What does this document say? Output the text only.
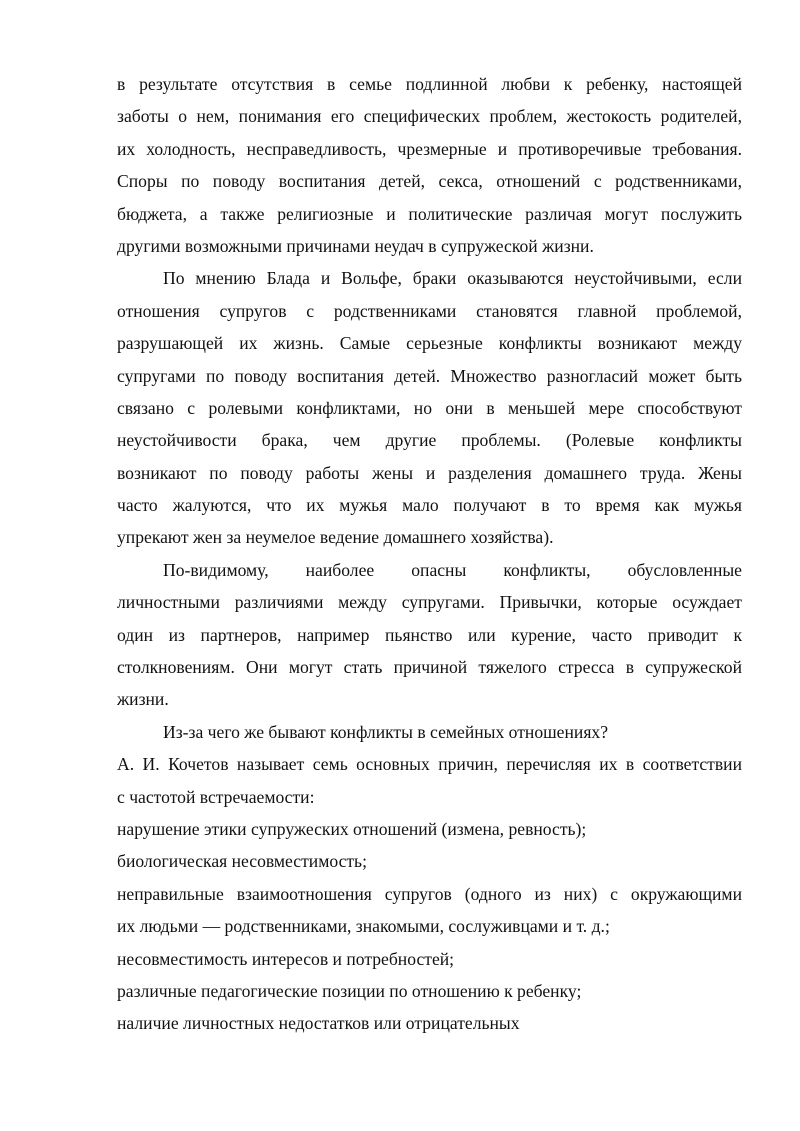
в результате отсутствия в семье подлинной любви к ребенку, настоящей
заботы о нем, понимания его специфических проблем, жестокость родителей,
их холодность, несправедливость, чрезмерные и противоречивые требования.
Споры по поводу воспитания детей, секса, отношений с родственниками,
бюджета, а также религиозные и политические различая могут послужить
другими возможными причинами неудач в супружеской жизни.
По мнению Блада и Вольфе, браки оказываются неустойчивыми, если
отношения супругов с родственниками становятся главной проблемой,
разрушающей их жизнь. Самые серьезные конфликты возникают между
супругами по поводу воспитания детей. Множество разногласий может быть
связано с ролевыми конфликтами, но они в меньшей мере способствуют
неустойчивости брака, чем другие проблемы. (Ролевые конфликты
возникают по поводу работы жены и разделения домашнего труда. Жены
часто жалуются, что их мужья мало получают в то время как мужья
упрекают жен за неумелое ведение домашнего хозяйства).
По-видимому, наиболее опасны конфликты, обусловленные
личностными различиями между супругами. Привычки, которые осуждает
один из партнеров, например пьянство или курение, часто приводит к
столкновениям. Они могут стать причиной тяжелого стресса в супружеской
жизни.
Из-за чего же бывают конфликты в семейных отношениях?
А. И. Кочетов называет семь основных причин, перечисляя их в соответствии
с частотой встречаемости:
нарушение этики супружеских отношений (измена, ревность);
биологическая несовместимость;
неправильные взаимоотношения супругов (одного из них) с окружающими
их людьми — родственниками, знакомыми, сослуживцами и т. д.;
несовместимость интересов и потребностей;
различные педагогические позиции по отношению к ребенку;
наличие личностных недостатков или отрицательных
